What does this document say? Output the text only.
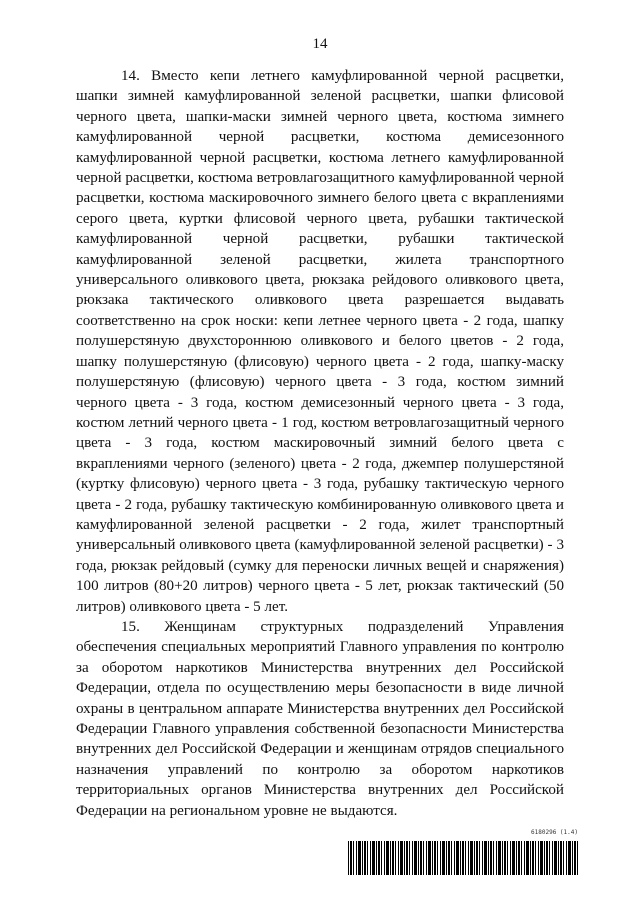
14

14. Вместо кепи летнего камуфлированной черной расцветки, шапки зимней камуфлированной зеленой расцветки, шапки флисовой черного цвета, шапки-маски зимней черного цвета, костюма зимнего камуфлированной черной расцветки, костюма демисезонного камуфлированной черной расцветки, костюма летнего камуфлированной черной расцветки, костюма ветровлагозащитного камуфлированной черной расцветки, костюма маскировочного зимнего белого цвета с вкраплениями серого цвета, куртки флисовой черного цвета, рубашки тактической камуфлированной черной расцветки, рубашки тактической камуфлированной зеленой расцветки, жилета транспортного универсального оливкового цвета, рюкзака рейдового оливкового цвета, рюкзака тактического оливкового цвета разрешается выдавать соответственно на срок носки: кепи летнее черного цвета - 2 года, шапку полушерстяную двухстороннюю оливкового и белого цветов - 2 года, шапку полушерстяную (флисовую) черного цвета - 2 года, шапку-маску полушерстяную (флисовую) черного цвета - 3 года, костюм зимний черного цвета - 3 года, костюм демисезонный черного цвета - 3 года, костюм летний черного цвета - 1 год, костюм ветровлагозащитный черного цвета - 3 года, костюм маскировочный зимний белого цвета с вкраплениями черного (зеленого) цвета - 2 года, джемпер полушерстяной (куртку флисовую) черного цвета - 3 года, рубашку тактическую черного цвета - 2 года, рубашку тактическую комбинированную оливкового цвета и камуфлированной зеленой расцветки - 2 года, жилет транспортный универсальный оливкового цвета (камуфлированной зеленой расцветки) - 3 года, рюкзак рейдовый (сумку для переноски личных вещей и снаряжения) 100 литров (80+20 литров) черного цвета - 5 лет, рюкзак тактический (50 литров) оливкового цвета - 5 лет.

15. Женщинам структурных подразделений Управления обеспечения специальных мероприятий Главного управления по контролю за оборотом наркотиков Министерства внутренних дел Российской Федерации, отдела по осуществлению меры безопасности в виде личной охраны в центральном аппарате Министерства внутренних дел Российской Федерации Главного управления собственной безопасности Министерства внутренних дел Российской Федерации и женщинам отрядов специального назначения управлений по контролю за оборотом наркотиков территориальных органов Министерства внутренних дел Российской Федерации на региональном уровне не выдаются.

6180296 (1.4)
